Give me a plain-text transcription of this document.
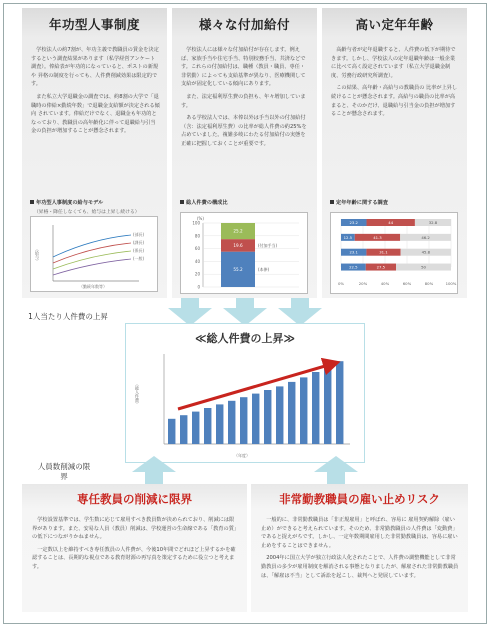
年功型人事制度

学校法人の約7割が、年功主義で教職員の賃金を決定するという調査結果があります（私学経営アンケート調査）。俸給表が年功的になっていると、ポストの新規や 昇格の制度を行っても、人件費削減効果は限定的です。

また私立大学退職金の調査では、約8割の大学で「退職時の俸給×勤続年数」で退職金支給額が決定される傾向 されています。俸給だけでなく、退職金も年功的となっており、教職員の高年齢化に伴って退職給与引当金の負担が増加することが懸念されます。

年功型人事制度の給与モデル
（昇格・降任しなくても、給与は上昇し続ける）
(部長)
(課長)
(係長)
(一般)
（給与）
（勤続年数等）
様々な付加給付

学校法人には様々な付加給付が存在します。例えば、家族手当や住宅手当、特別校務手当、共済などです。これらの付加給付は、職種（教員・職員、専任・非常勤）によっても支給基準が異なり、医療機関して支給が固定化している傾向にあります。

また、法定福利厚生費の負担も、年々増加しています。

ある学校法人では、本俸以外は手当以外の付加給付（含：法定福利厚生費）の比率が総人件費の約25%を占めていました。複雑多岐にわたる付加給付の実態を正確に把握しておくことが重要です。

総人件費の構成比
(%)
100
80
60
40
20
0
55.2	(本俸)
19.6	(付加手当)
25.2
高い定年年齢

高齢与者が定年退職すると、人件費の低下が期待できます。しかし、学校法人の定年退職年齢は一般企業に比べて高く設定されています（私立大学退職金制度、労務行政研究所調査）。

この結果、高年齢・高給与の教職員の 比率が上昇し続けることが懸念されます。高給与の職員の比率が高まると、そのかだけ、退職給与引当金の負担が増加することが懸念されます。

定年年齢に関する調査
0%	20%	40%	60%	80%	100%
23.2	44	32.8
12.5	41.3	46.2
23.1	31.1	45.8
22.5	27.5	50
1人当たり人件費の上昇
人員数削減の限界
≪総人件費の上昇≫
（総人件費）
（年度）
専任教員の削減に限界

学校設置基準では、学生数に応じて雇用すべき教員数が決められており、削減には限界があります。また、安易な人員（教員）削減は、学校運営の生命線である「教育の質」の低下につながりかねません。

一定数以上を維持すべき専任教員の人件費が、今後10年間でどれほど上昇するかを確認することは、長期的な視点である教育財源の再写真を策定するために役立つと考えます。

非常勤教職員の雇い止めリスク

一般的に、非常勤教職員は「非正規雇用」と呼ばれ、容易に 雇用契約解除（雇い止め）ができると考えられています。そのため、非常勤教職員の人件費は「変動費」であると捉えがちです。しかし、一定年数期間雇用した非常勤教職員は、容易に雇い止めをすることはできません。

2004年に国立大学が独立行政法人化されたことで、人件費の調整機能として非常勤教員の多少が雇用制度を解消される事態となりましたが、解雇された非常勤教職員は、「解雇は不当」として訴訟を起こし、裁判へと発展しています。
